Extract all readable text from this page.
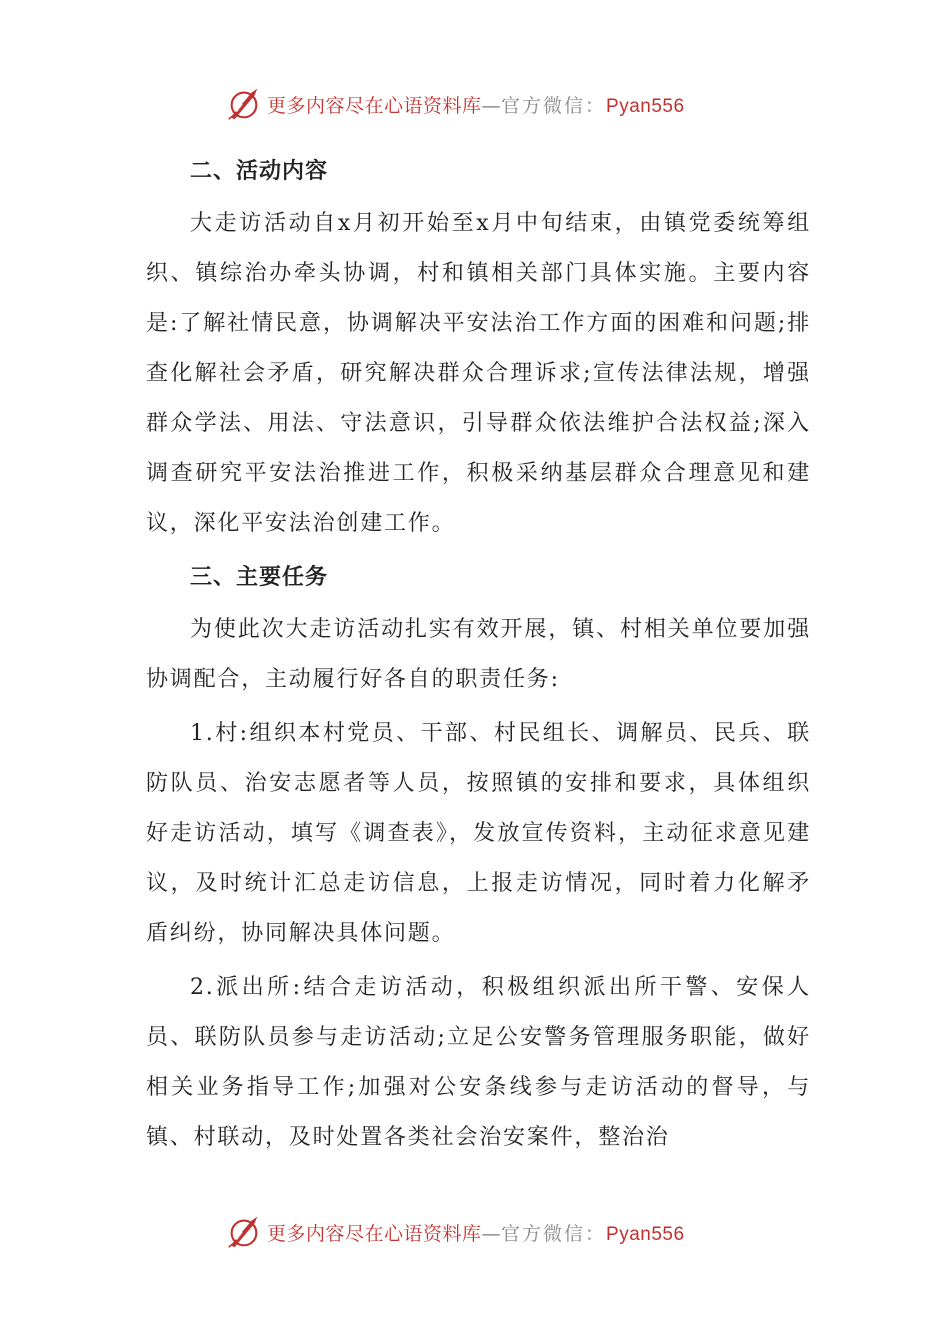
更多内容尽在心语资料库—官方微信：Pyan556
二、活动内容

大走访活动自x月初开始至x月中旬结束，由镇党委统筹组织、镇综治办牵头协调，村和镇相关部门具体实施。主要内容是:了解社情民意，协调解决平安法治工作方面的困难和问题;排查化解社会矛盾，研究解决群众合理诉求;宣传法律法规，增强群众学法、用法、守法意识，引导群众依法维护合法权益;深入调查研究平安法治推进工作，积极采纳基层群众合理意见和建议，深化平安法治创建工作。

三、主要任务

为使此次大走访活动扎实有效开展，镇、村相关单位要加强协调配合，主动履行好各自的职责任务:

1.村:组织本村党员、干部、村民组长、调解员、民兵、联防队员、治安志愿者等人员，按照镇的安排和要求，具体组织好走访活动，填写《调查表》，发放宣传资料，主动征求意见建议，及时统计汇总走访信息，上报走访情况，同时着力化解矛盾纠纷，协同解决具体问题。

2.派出所:结合走访活动，积极组织派出所干警、安保人员、联防队员参与走访活动;立足公安警务管理服务职能，做好相关业务指导工作;加强对公安条线参与走访活动的督导，与镇、村联动，及时处置各类社会治安案件，整治治

更多内容尽在心语资料库—官方微信：Pyan556
